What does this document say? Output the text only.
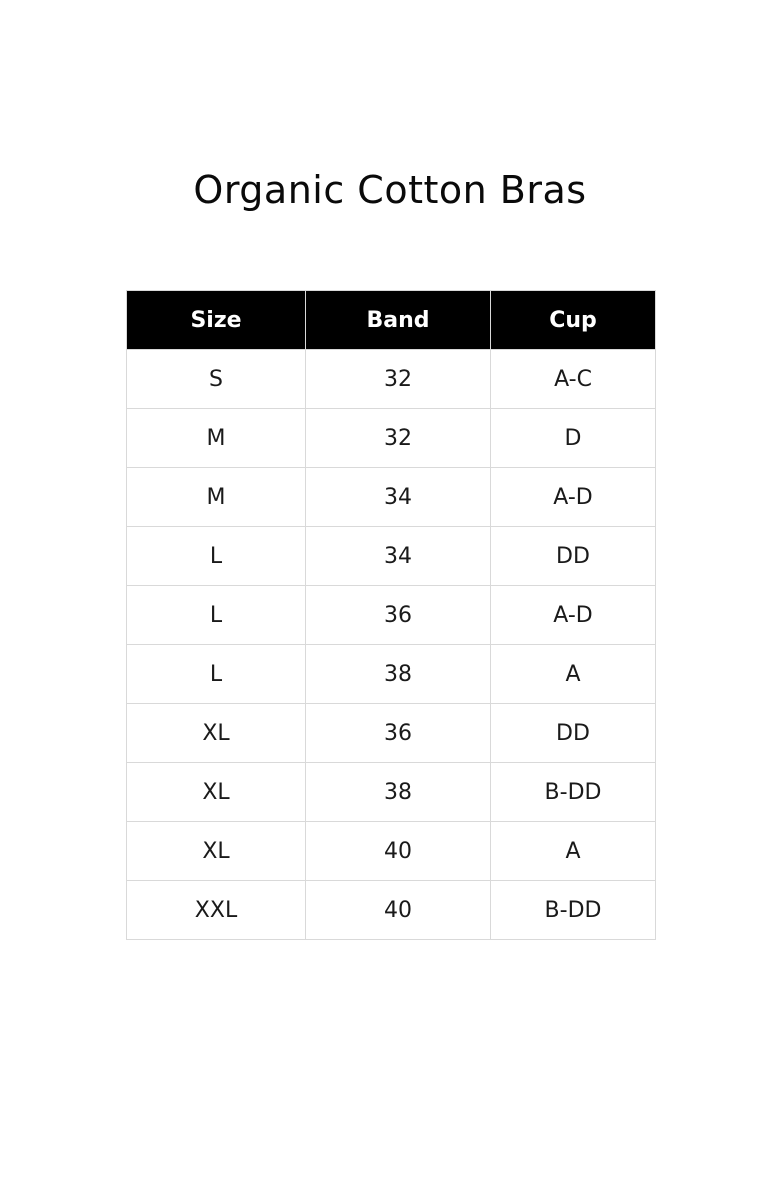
Organic Cotton Bras
Size	Band	Cup
S	32	A-C
M	32	D
M	34	A-D
L	34	DD
L	36	A-D
L	38	A
XL	36	DD
XL	38	B-DD
XL	40	A
XXL	40	B-DD
